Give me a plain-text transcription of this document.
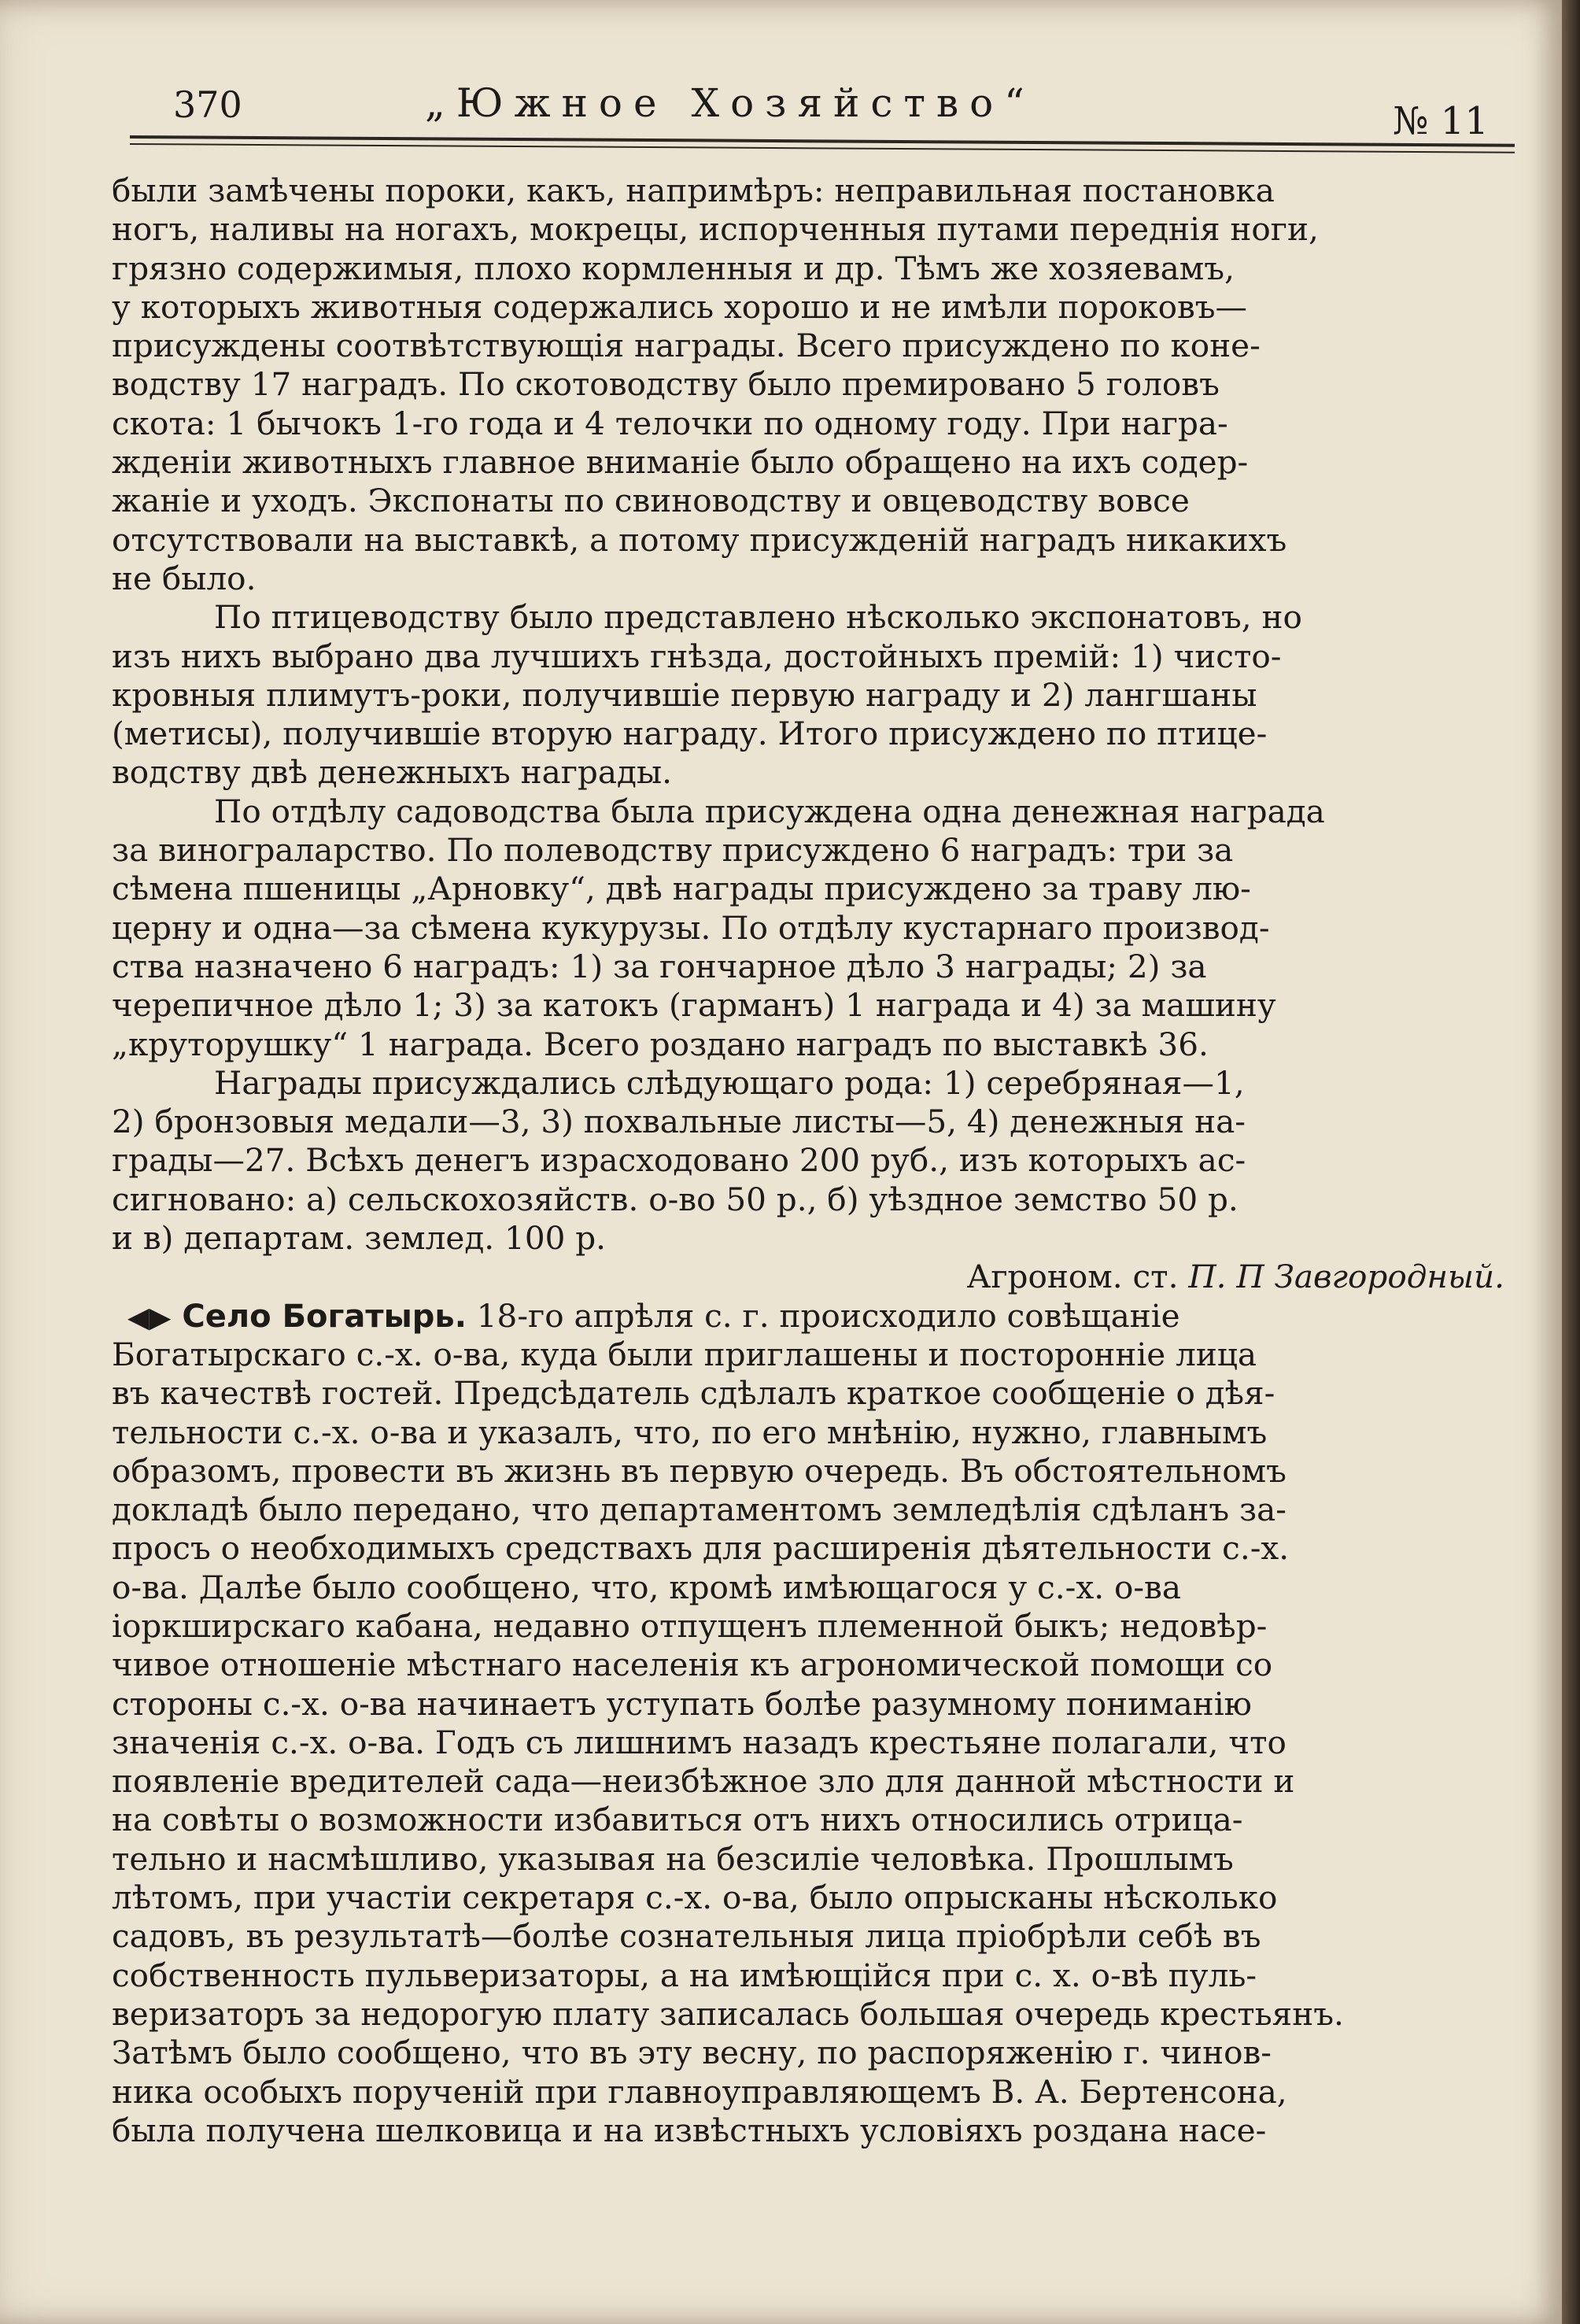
370	„Южное Хозяйство“	№ 11
были замѣчены пороки, какъ, напримѣръ: неправильная постановка
ногъ, наливы на ногахъ, мокрецы, испорченныя путами переднія ноги,
грязно содержимыя, плохо кормленныя и др. Тѣмъ же хозяевамъ,
у которыхъ животныя содержались хорошо и не имѣли пороковъ—
присуждены соотвѣтствующія награды. Всего присуждено по коне-
водству 17 наградъ. По скотоводству было премировано 5 головъ
скота: 1 бычокъ 1-го года и 4 телочки по одному году. При награ-
жденіи животныхъ главное вниманіе было обращено на ихъ содер-
жаніе и уходъ. Экспонаты по свиноводству и овцеводству вовсе
отсутствовали на выставкѣ, а потому присужденій наградъ никакихъ
не было.
По птицеводству было представлено нѣсколько экспонатовъ, но
изъ нихъ выбрано два лучшихъ гнѣзда, достойныхъ премій: 1) чисто-
кровныя плимутъ-роки, получившіе первую награду и 2) лангшаны
(метисы), получившіе вторую награду. Итого присуждено по птице-
водству двѣ денежныхъ награды.
По отдѣлу садоводства была присуждена одна денежная награда
за винограларство. По полеводству присуждено 6 наградъ: три за
сѣмена пшеницы „Арновку“, двѣ награды присуждено за траву лю-
церну и одна—за сѣмена кукурузы. По отдѣлу кустарнаго производ-
ства назначено 6 наградъ: 1) за гончарное дѣло 3 награды; 2) за
черепичное дѣло 1; 3) за катокъ (гарманъ) 1 награда и 4) за машину
„круторушку“ 1 награда. Всего роздано наградъ по выставкѣ 36.
Награды присуждались слѣдующаго рода: 1) серебряная—1,
2) бронзовыя медали—3, 3) похвальные листы—5, 4) денежныя на-
грады—27. Всѣхъ денегъ израсходовано 200 руб., изъ которыхъ ас-
сигновано: а) сельскохозяйств. о-во 50 р., б) уѣздное земство 50 р.
и в) департам. землед. 100 р.
Агроном. ст. П. П Завгородный.
◀▶ Село Богатырь. 18-го апрѣля с. г. происходило совѣщаніе
Богатырскаго с.-х. о-ва, куда были приглашены и посторонніе лица
въ качествѣ гостей. Предсѣдатель сдѣлалъ краткое сообщеніе о дѣя-
тельности с.-х. о-ва и указалъ, что, по его мнѣнію, нужно, главнымъ
образомъ, провести въ жизнь въ первую очередь. Въ обстоятельномъ
докладѣ было передано, что департаментомъ земледѣлія сдѣланъ за-
просъ о необходимыхъ средствахъ для расширенія дѣятельности с.-х.
о-ва. Далѣе было сообщено, что, кромѣ имѣющагося у с.-х. о-ва
іоркширскаго кабана, недавно отпущенъ племенной быкъ; недовѣр-
чивое отношеніе мѣстнаго населенія къ агрономической помощи со
стороны с.-х. о-ва начинаетъ уступать болѣе разумному пониманію
значенія с.-х. о-ва. Годъ съ лишнимъ назадъ крестьяне полагали, что
появленіе вредителей сада—неизбѣжное зло для данной мѣстности и
на совѣты о возможности избавиться отъ нихъ относились отрица-
тельно и насмѣшливо, указывая на безсиліе человѣка. Прошлымъ
лѣтомъ, при участіи секретаря с.-х. о-ва, было опрысканы нѣсколько
садовъ, въ результатѣ—болѣе сознательныя лица пріобрѣли себѣ въ
собственность пульверизаторы, а на имѣющійся при с. х. о-вѣ пуль-
веризаторъ за недорогую плату записалась большая очередь крестьянъ.
Затѣмъ было сообщено, что въ эту весну, по распоряженію г. чинов-
ника особыхъ порученій при главноуправляющемъ В. А. Бертенсона,
была получена шелковица и на извѣстныхъ условіяхъ роздана насе-
